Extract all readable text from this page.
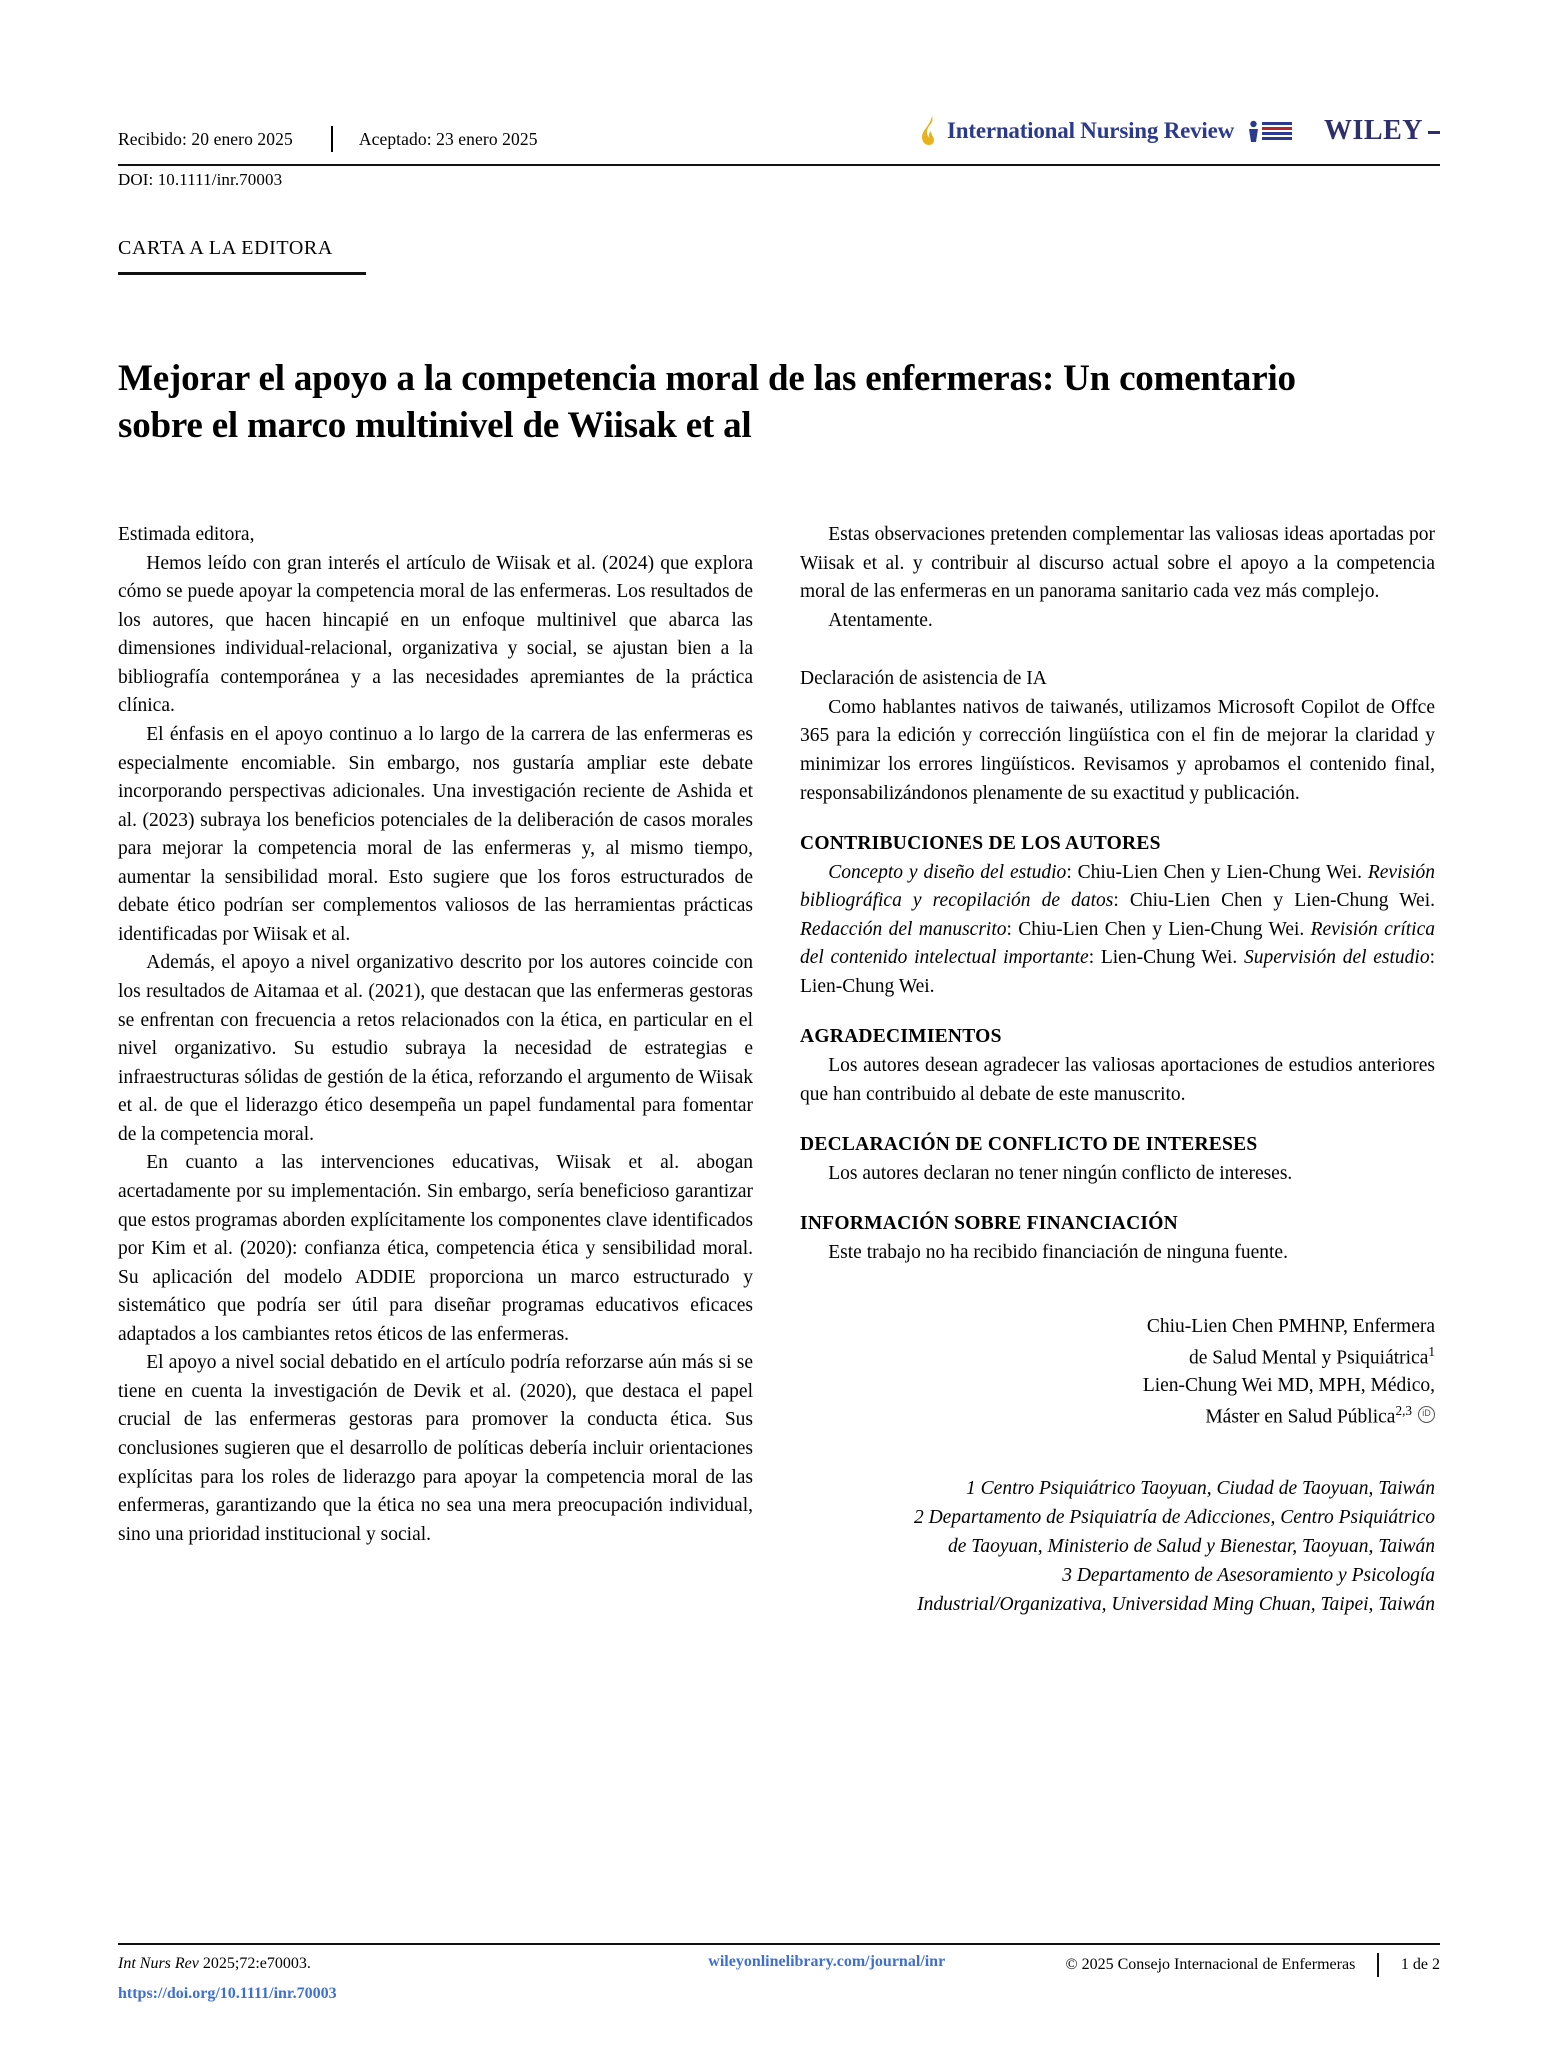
Recibido: 20 enero 2025	Aceptado: 23 enero 2025
DOI: 10.1111/inr.70003
International Nursing Review	WILEY
CARTA A LA EDITORA
Mejorar el apoyo a la competencia moral de las enfermeras: Un comentario sobre el marco multinivel de Wiisak et al

Estimada editora,

Hemos leído con gran interés el artículo de Wiisak et al. (2024) que explora cómo se puede apoyar la competencia moral de las enfermeras. Los resultados de los autores, que hacen hincapié en un enfoque multinivel que abarca las dimensiones individual-relacional, organizativa y social, se ajustan bien a la bibliografía contemporánea y a las necesidades apremiantes de la práctica clínica.

El énfasis en el apoyo continuo a lo largo de la carrera de las enfermeras es especialmente encomiable. Sin embargo, nos gustaría ampliar este debate incorporando perspectivas adicionales. Una investigación reciente de Ashida et al. (2023) subraya los beneficios potenciales de la deliberación de casos morales para mejorar la competencia moral de las enfermeras y, al mismo tiempo, aumentar la sensibilidad moral. Esto sugiere que los foros estructurados de debate ético podrían ser complementos valiosos de las herramientas prácticas identificadas por Wiisak et al.

Además, el apoyo a nivel organizativo descrito por los autores coincide con los resultados de Aitamaa et al. (2021), que destacan que las enfermeras gestoras se enfrentan con frecuencia a retos relacionados con la ética, en particular en el nivel organizativo. Su estudio subraya la necesidad de estrategias e infraestructuras sólidas de gestión de la ética, reforzando el argumento de Wiisak et al. de que el liderazgo ético desempeña un papel fundamental para fomentar de la competencia moral.

En cuanto a las intervenciones educativas, Wiisak et al. abogan acertadamente por su implementación. Sin embargo, sería beneficioso garantizar que estos programas aborden explícitamente los componentes clave identificados por Kim et al. (2020): confianza ética, competencia ética y sensibilidad moral. Su aplicación del modelo ADDIE proporciona un marco estructurado y sistemático que podría ser útil para diseñar programas educativos eficaces adaptados a los cambiantes retos éticos de las enfermeras.

El apoyo a nivel social debatido en el artículo podría reforzarse aún más si se tiene en cuenta la investigación de Devik et al. (2020), que destaca el papel crucial de las enfermeras gestoras para promover la conducta ética. Sus conclusiones sugieren que el desarrollo de políticas debería incluir orientaciones explícitas para los roles de liderazgo para apoyar la competencia moral de las enfermeras, garantizando que la ética no sea una mera preocupación individual, sino una prioridad institucional y social.

Estas observaciones pretenden complementar las valiosas ideas aportadas por Wiisak et al. y contribuir al discurso actual sobre el apoyo a la competencia moral de las enfermeras en un panorama sanitario cada vez más complejo.

Atentamente.

Declaración de asistencia de IA

Como hablantes nativos de taiwanés, utilizamos Microsoft Copilot de Offce 365 para la edición y corrección lingüística con el fin de mejorar la claridad y minimizar los errores lingüísticos. Revisamos y aprobamos el contenido final, responsabilizándonos plenamente de su exactitud y publicación.

CONTRIBUCIONES DE LOS AUTORES

Concepto y diseño del estudio: Chiu-Lien Chen y Lien-Chung Wei. Revisión bibliográfica y recopilación de datos: Chiu-Lien Chen y Lien-Chung Wei. Redacción del manuscrito: Chiu-Lien Chen y Lien-Chung Wei. Revisión crítica del contenido intelectual importante: Lien-Chung Wei. Supervisión del estudio: Lien-Chung Wei.

AGRADECIMIENTOS

Los autores desean agradecer las valiosas aportaciones de estudios anteriores que han contribuido al debate de este manuscrito.

DECLARACIÓN DE CONFLICTO DE INTERESES

Los autores declaran no tener ningún conflicto de intereses.

INFORMACIÓN SOBRE FINANCIACIÓN

Este trabajo no ha recibido financiación de ninguna fuente.

Chiu-Lien Chen PMHNP, Enfermera
de Salud Mental y Psiquiátrica$^1$
Lien-Chung Wei MD, MPH, Médico,
Máster en Salud Pública$^{2,3}$iD
1 Centro Psiquiátrico Taoyuan, Ciudad de Taoyuan, Taiwán
2 Departamento de Psiquiatría de Adicciones, Centro Psiquiátrico
de Taoyuan, Ministerio de Salud y Bienestar, Taoyuan, Taiwán
3 Departamento de Asesoramiento y Psicología
Industrial/Organizativa, Universidad Ming Chuan, Taipei, Taiwán
Int Nurs Rev 2025;72:e70003.
https://doi.org/10.1111/inr.70003
wileyonlinelibrary.com/journal/inr	© 2025 Consejo Internacional de Enfermeras	1 de 2
